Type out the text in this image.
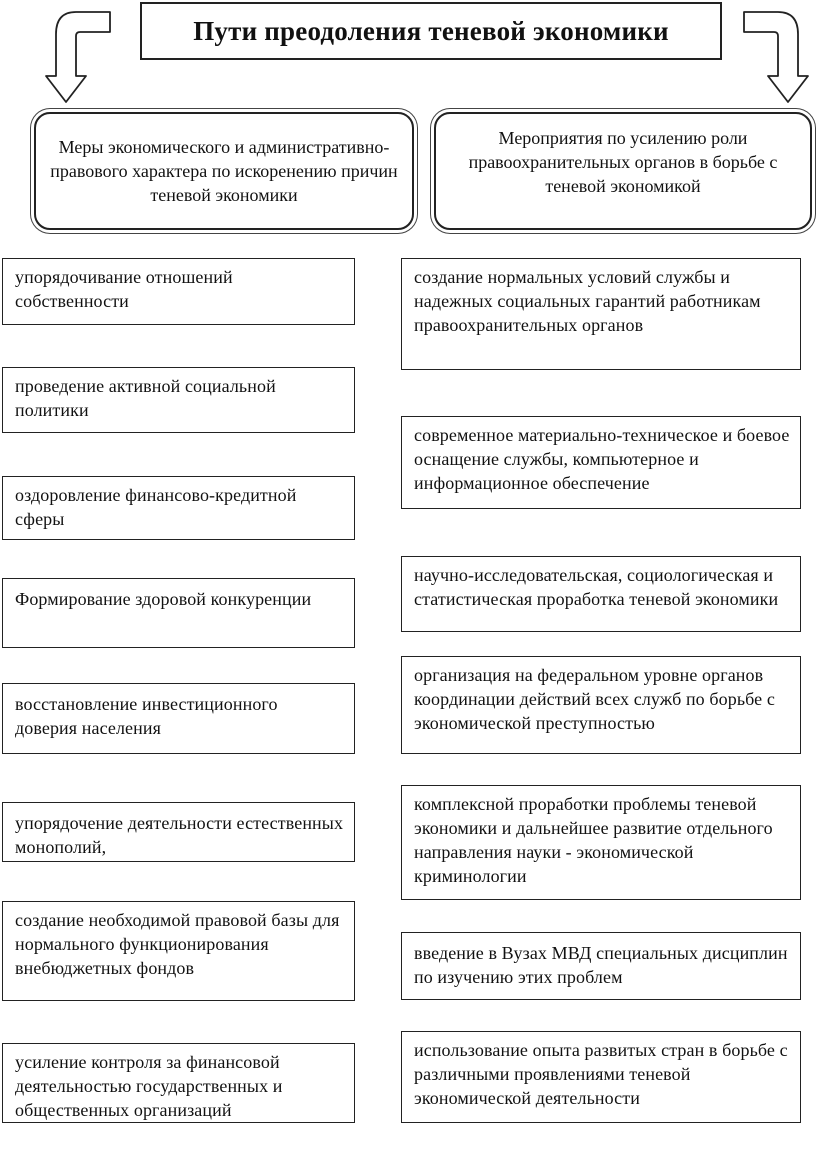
Пути преодоления теневой экономики
Меры экономического и административно-правового характера по искоренению причин теневой экономики
Мероприятия по усилению роли правоохранительных органов в борьбе с теневой экономикой
упорядочивание отношений собственности
проведение активной социальной политики
оздоровление финансово-кредитной сферы
Формирование здоровой конкуренции
восстановление инвестиционного доверия населения
упорядочение деятельности естественных монополий,
создание необходимой правовой базы для нормального функционирования внебюджетных фондов
усиление контроля за финансовой деятельностью государственных и общественных организаций
создание нормальных условий службы и надежных социальных гарантий работникам правоохранительных органов
современное материально-техническое и боевое оснащение службы, компьютерное и информационное обеспечение
научно-исследовательская, социологическая и статистическая проработка теневой экономики
организация на федеральном уровне органов координации действий всех служб по борьбе с экономической преступностью
комплексной проработки проблемы теневой экономики и дальнейшее развитие отдельного направления науки - экономической криминологии
введение в Вузах МВД специальных дисциплин по изучению этих проблем
использование опыта развитых стран в борьбе с различными проявлениями теневой экономической деятельности
